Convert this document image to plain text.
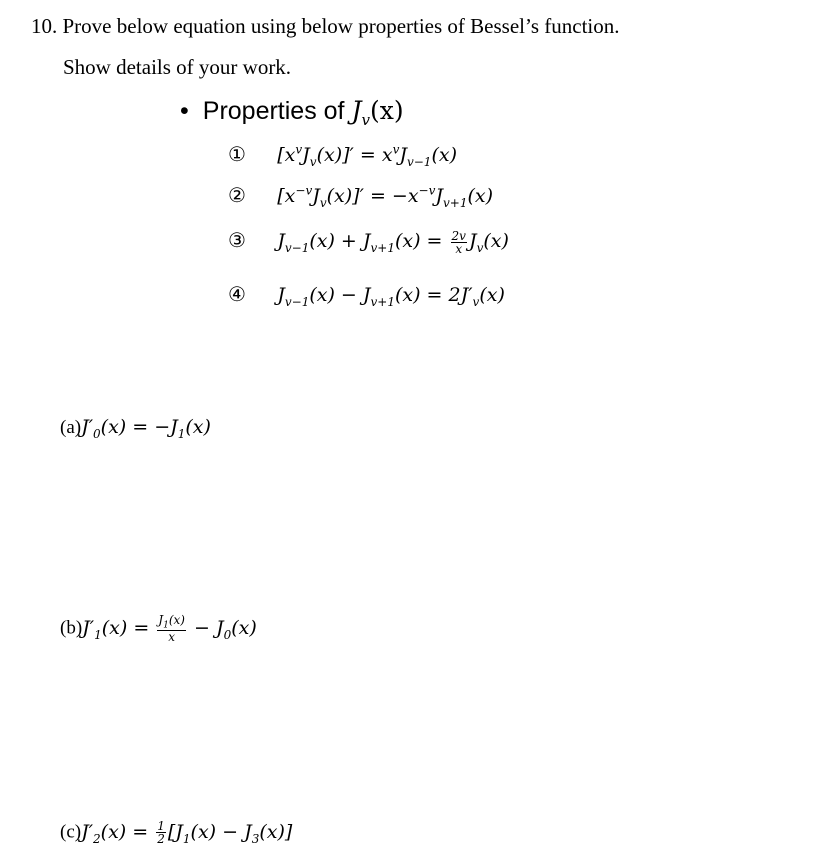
10. Prove below equation using below properties of Bessel’s function.
Show details of your work.
• Properties of $J_v(x)$
① $[x^vJ_v(x)]' = x^vJ_{v-1}(x)$
② $[x^{-v}J_v(x)]' = -x^{-v}J_{v+1}(x)$
③ $J_{v-1}(x) + J_{v+1}(x) = \frac{2v}{x} J_v(x)$
④ $J_{v-1}(x) - J_{v+1}(x) = 2J'_v(x)$
$(a)J'_0(x) = -J_1(x)$
$(b)J'_1(x) = \frac{J_1(x)}{x} - J_0(x)$
$(c)J'_2(x) = \frac{1}{2} [J_1(x) - J_3(x)]$
